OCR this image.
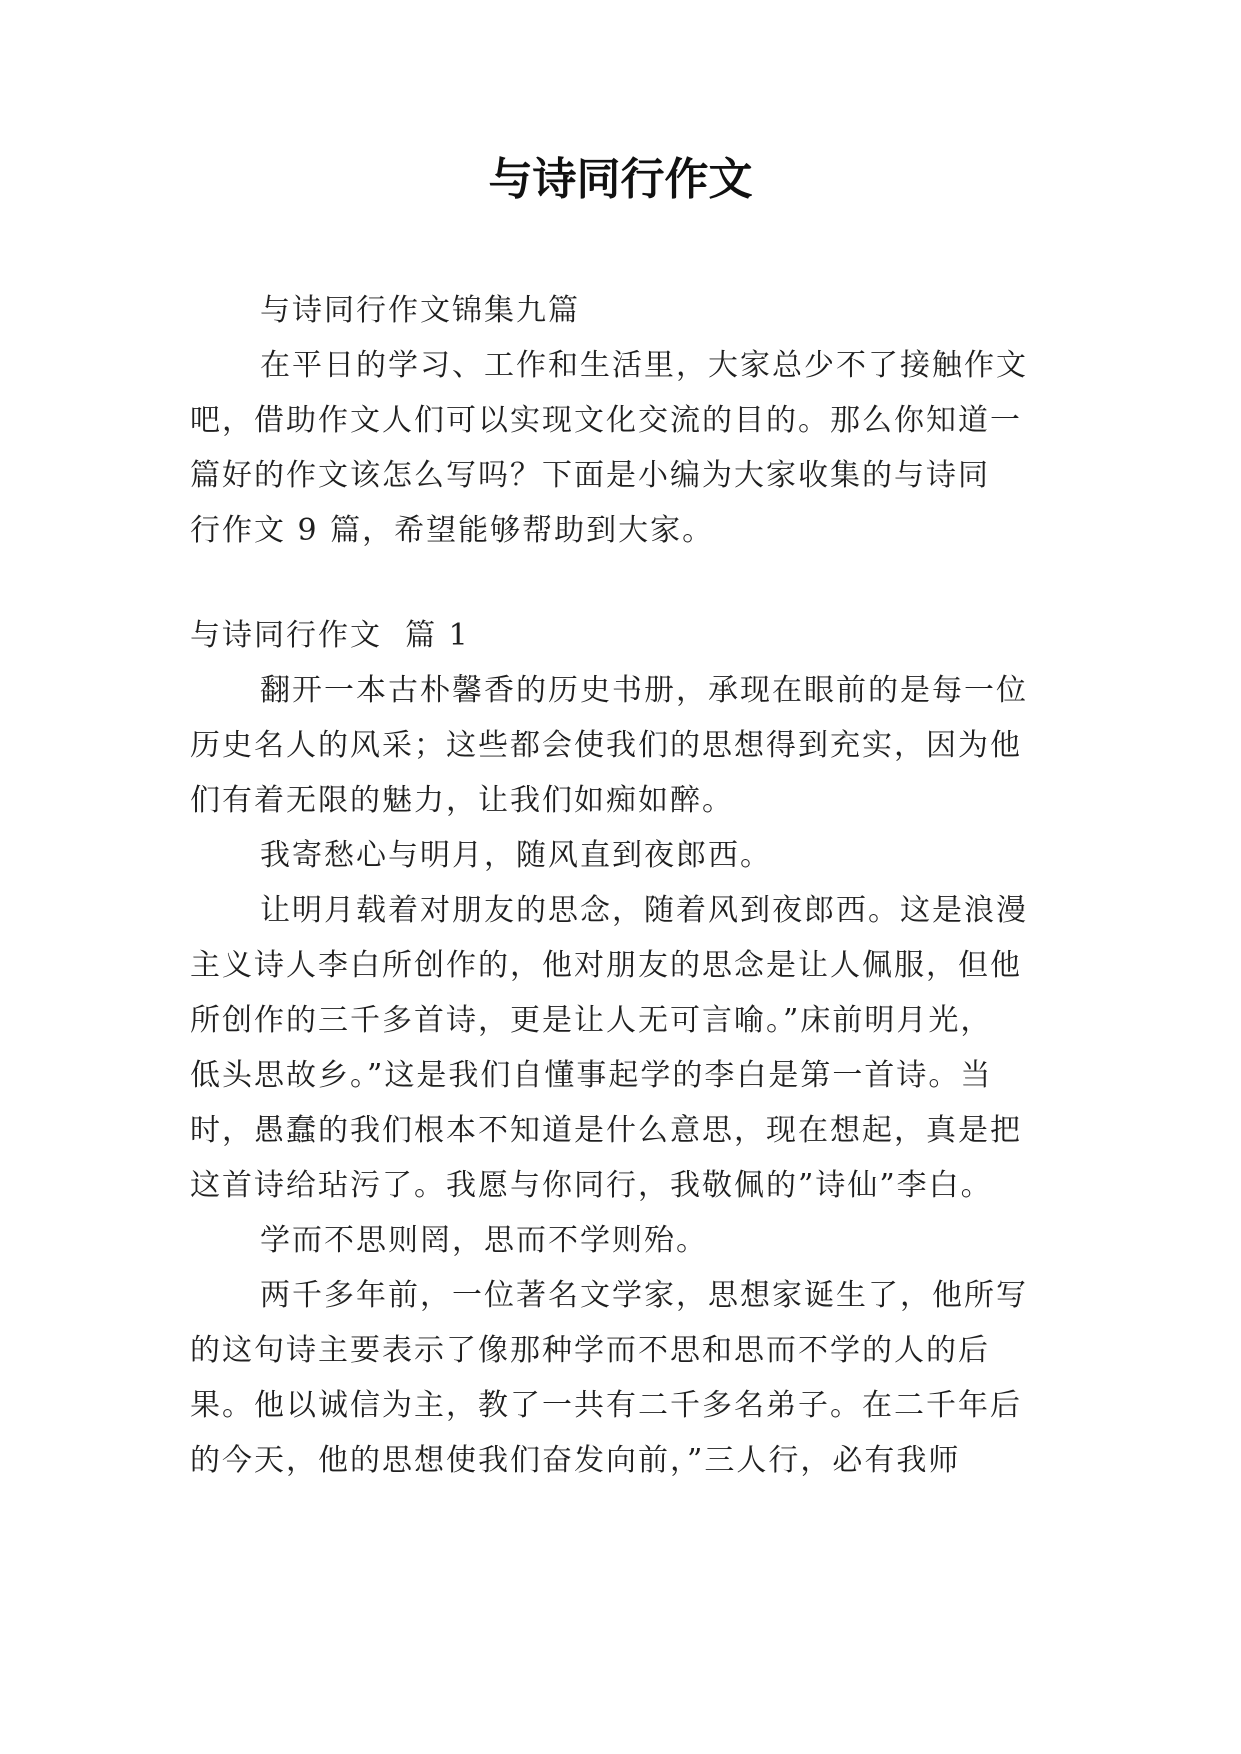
与诗同行作文

与诗同行作文锦集九篇

在平日的学习、工作和生活里，大家总少不了接触作文

吧，借助作文人们可以实现文化交流的目的。那么你知道一

篇好的作文该怎么写吗？下面是小编为大家收集的与诗同

行作文 9 篇，希望能够帮助到大家。

与诗同行作文  篇 1

翻开一本古朴馨香的历史书册，承现在眼前的是每一位

历史名人的风采；这些都会使我们的思想得到充实，因为他

们有着无限的魅力，让我们如痴如醉。

我寄愁心与明月，随风直到夜郎西。

让明月载着对朋友的思念，随着风到夜郎西。这是浪漫

主义诗人李白所创作的，他对朋友的思念是让人佩服，但他

所创作的三千多首诗，更是让人无可言喻。”床前明月光，

低头思故乡。”这是我们自懂事起学的李白是第一首诗。当

时，愚蠢的我们根本不知道是什么意思，现在想起，真是把

这首诗给玷污了。我愿与你同行，我敬佩的”诗仙”李白。

学而不思则罔，思而不学则殆。

两千多年前，一位著名文学家，思想家诞生了，他所写

的这句诗主要表示了像那种学而不思和思而不学的人的后

果。他以诚信为主，教了一共有二千多名弟子。在二千年后

的今天，他的思想使我们奋发向前，”三人行，必有我师
